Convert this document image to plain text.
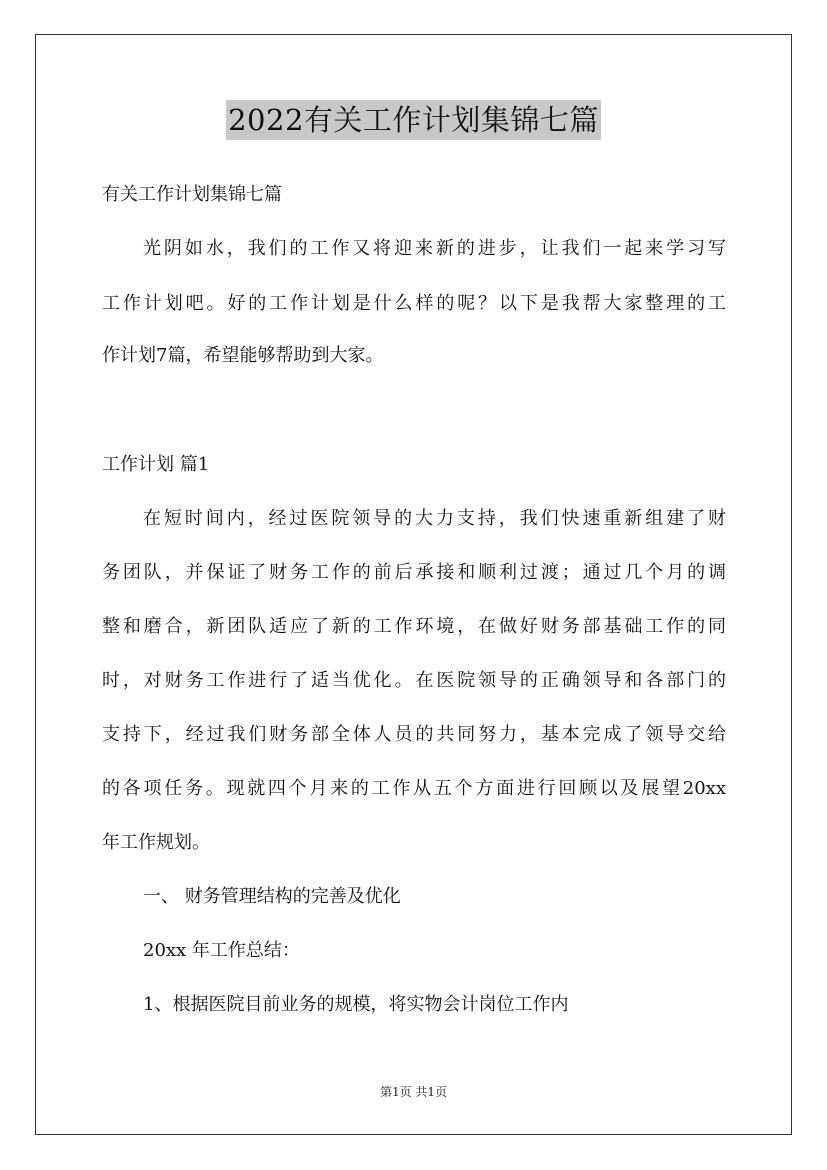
2022有关工作计划集锦七篇
有关工作计划集锦七篇
光阴如水，我们的工作又将迎来新的进步，让我们一起来学习写
工作计划吧。好的工作计划是什么样的呢？以下是我帮大家整理的工
作计划7篇，希望能够帮助到大家。
工作计划 篇1
在短时间内，经过医院领导的大力支持，我们快速重新组建了财
务团队，并保证了财务工作的前后承接和顺利过渡；通过几个月的调
整和磨合，新团队适应了新的工作环境，在做好财务部基础工作的同
时，对财务工作进行了适当优化。在医院领导的正确领导和各部门的
支持下，经过我们财务部全体人员的共同努力，基本完成了领导交给
的各项任务。现就四个月来的工作从五个方面进行回顾以及展望20xx
年工作规划。
一、 财务管理结构的完善及优化
20xx 年工作总结：
1、根据医院目前业务的规模，将实物会计岗位工作内
第1页 共1页
